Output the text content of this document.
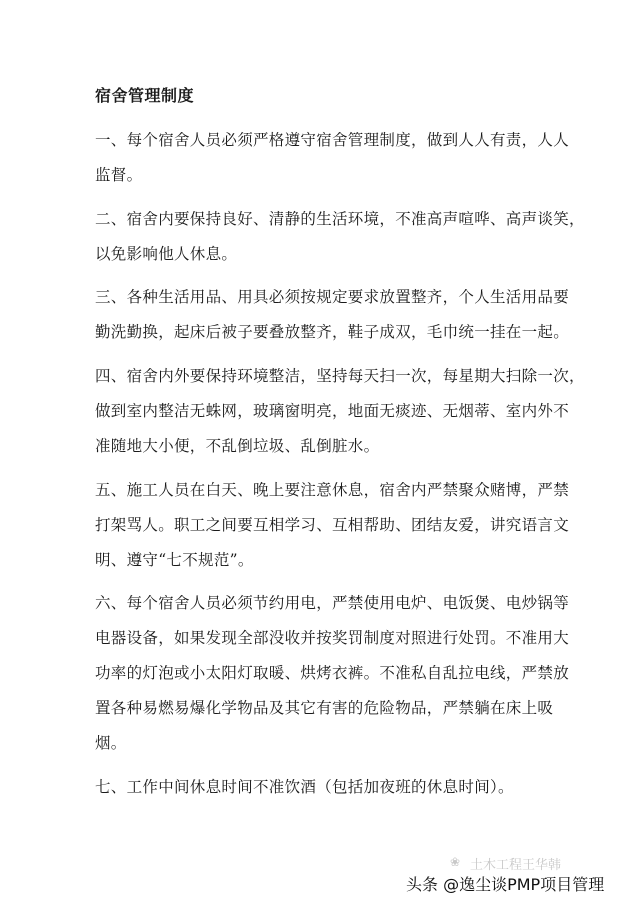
宿舍管理制度
一、每个宿舍人员必须严格遵守宿舍管理制度，做到人人有责，人人
监督。
二、宿舍内要保持良好、清静的生活环境，不准高声喧哗、高声谈笑，
以免影响他人休息。
三、各种生活用品、用具必须按规定要求放置整齐，个人生活用品要
勤洗勤换，起床后被子要叠放整齐，鞋子成双，毛巾统一挂在一起。
四、宿舍内外要保持环境整洁，坚持每天扫一次，每星期大扫除一次，
做到室内整洁无蛛网，玻璃窗明亮，地面无痰迹、无烟蒂、室内外不
准随地大小便，不乱倒垃圾、乱倒脏水。
五、施工人员在白天、晚上要注意休息，宿舍内严禁聚众赌博，严禁
打架骂人。职工之间要互相学习、互相帮助、团结友爱，讲究语言文
明、遵守“七不规范”。
六、每个宿舍人员必须节约用电，严禁使用电炉、电饭煲、电炒锅等
电器设备，如果发现全部没收并按奖罚制度对照进行处罚。不准用大
功率的灯泡或小太阳灯取暖、烘烤衣裤。不准私自乱拉电线，严禁放
置各种易燃易爆化学物品及其它有害的危险物品，严禁躺在床上吸
烟。
七、工作中间休息时间不准饮酒（包括加夜班的休息时间）。
❀ 土木工程王华韩
头条 @逸尘谈PMP项目管理
